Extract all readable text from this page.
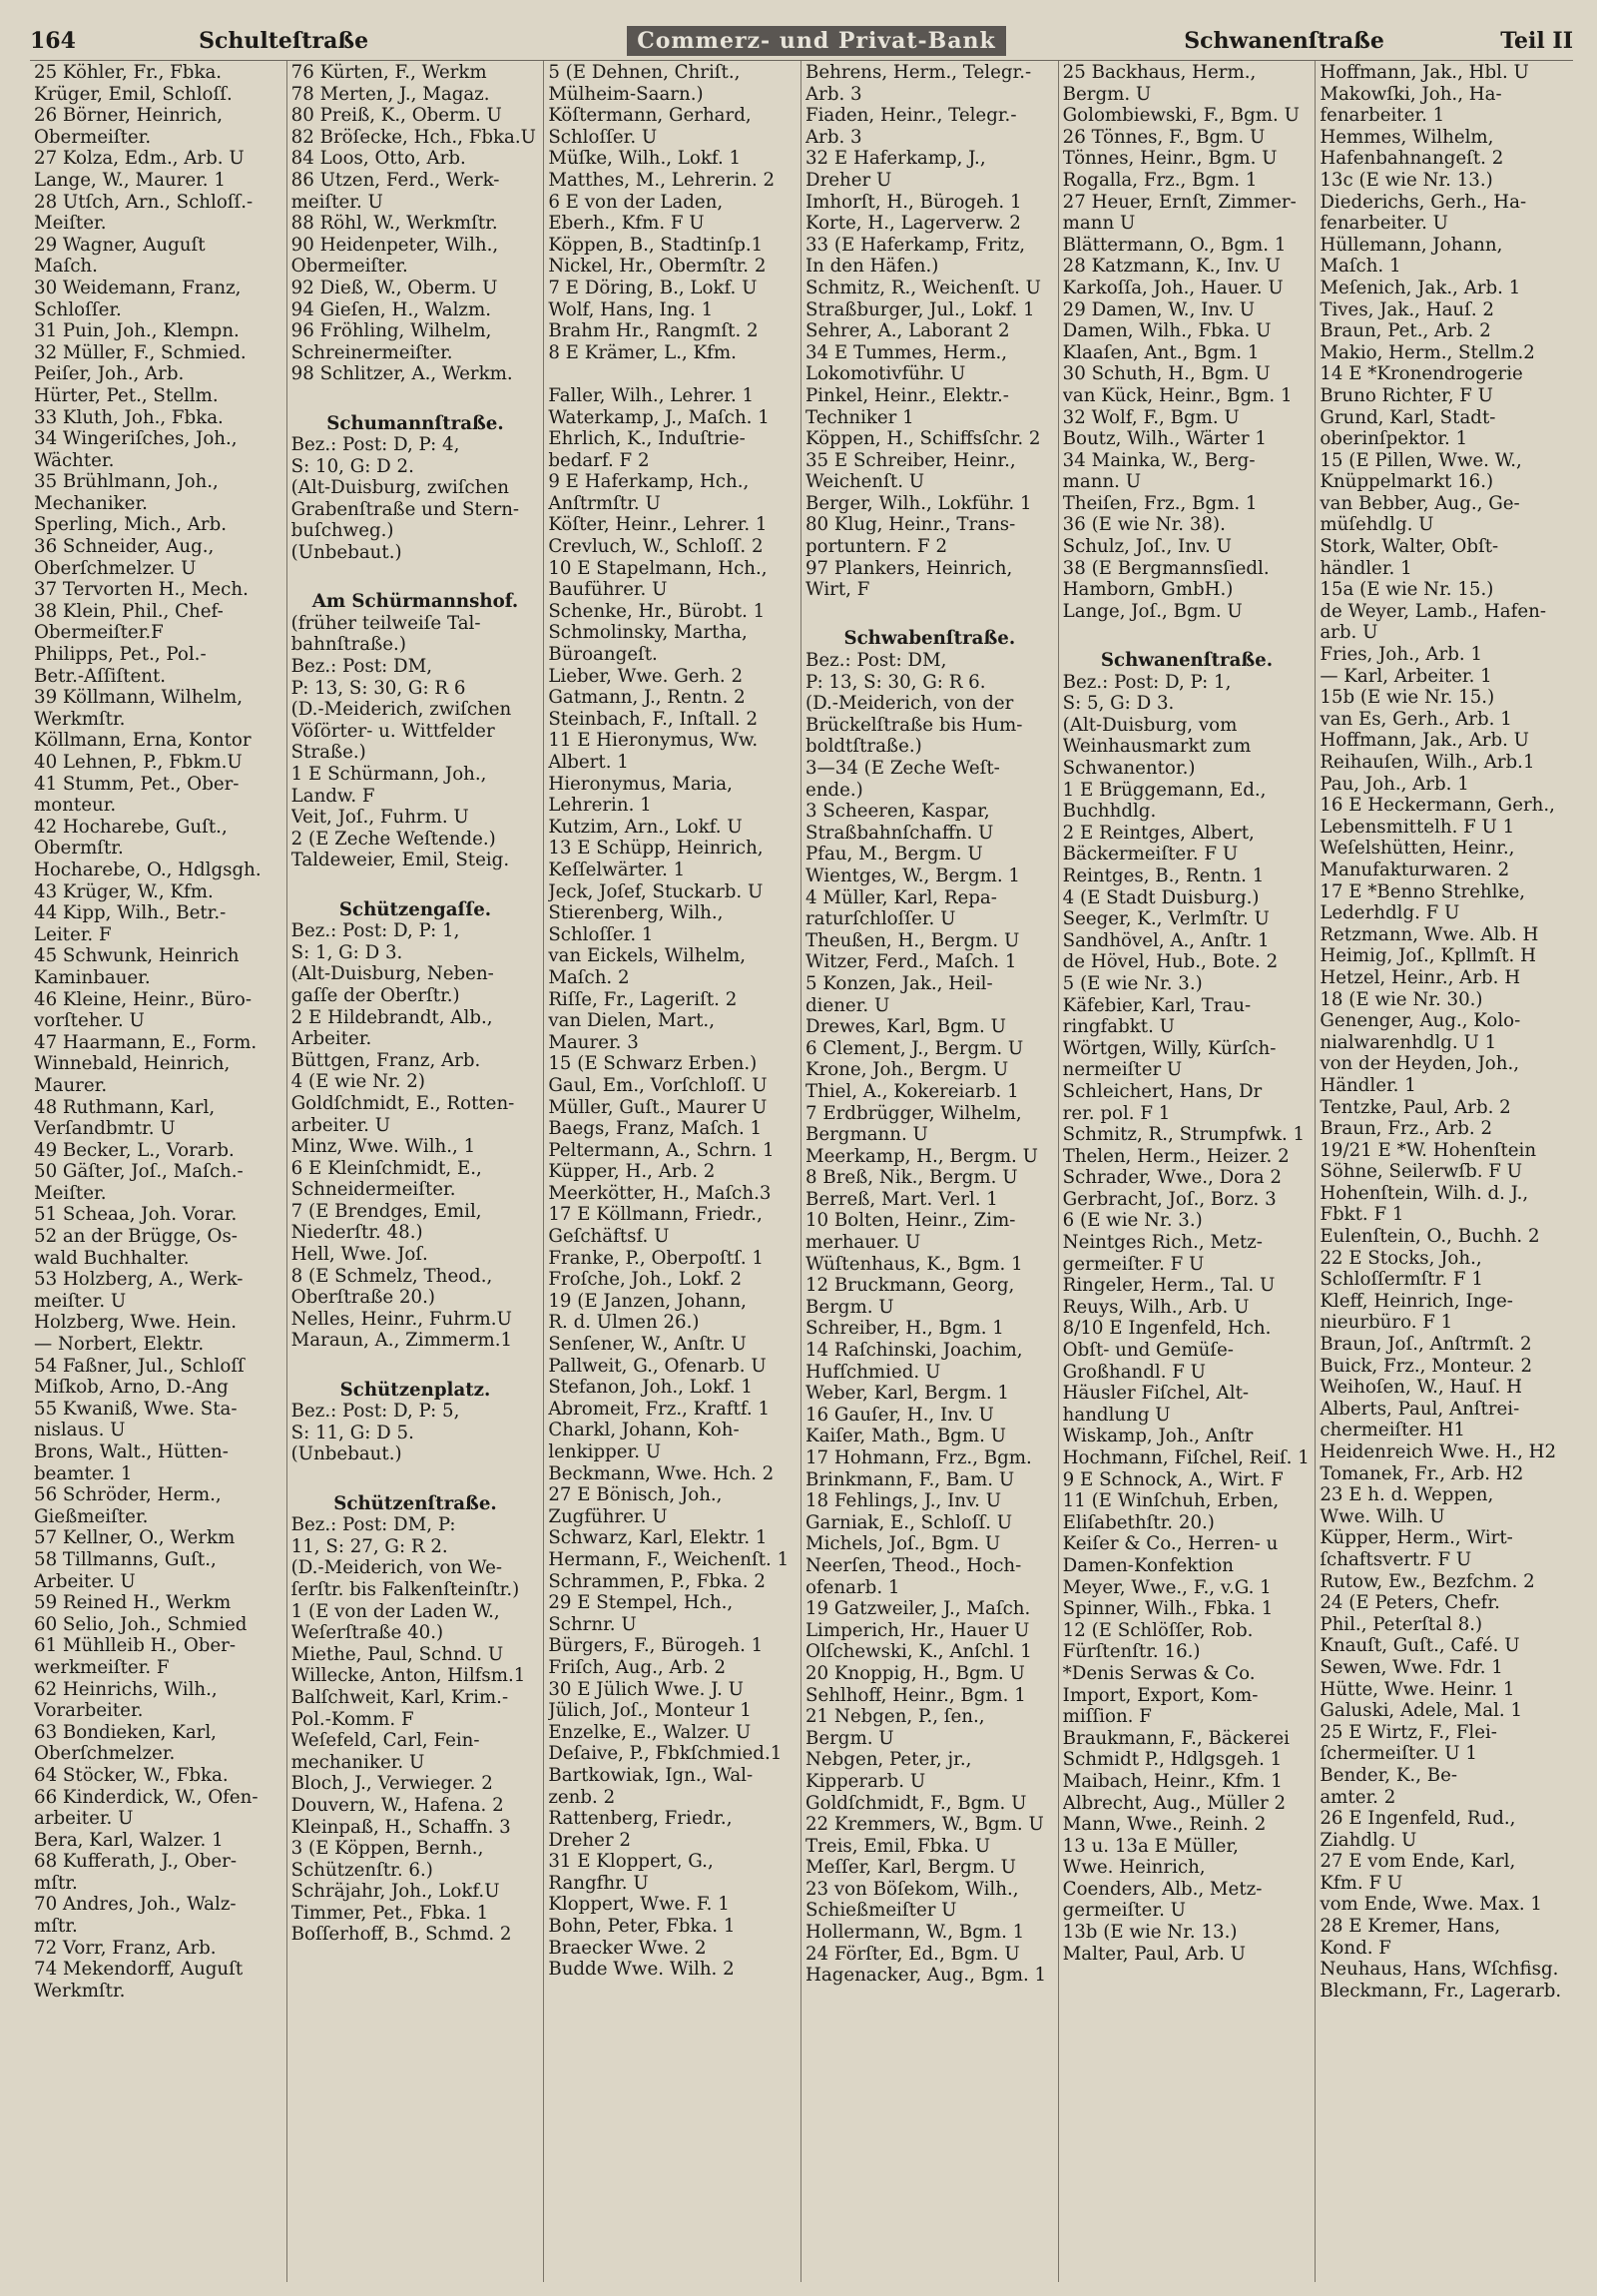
164	Schulteſtraße	Commerz- und Privat-Bank	Schwanenſtraße	Teil II
25 Köhler, Fr., Fbka.
Krüger, Emil, Schloſſ.
26 Börner, Heinrich,
Obermeiſter.
27 Kolza, Edm., Arb. U
Lange, W., Maurer. 1
28 Utſch, Arn., Schloſſ.-
Meiſter.
29 Wagner, Auguſt
Maſch.
30 Weidemann, Franz,
Schloſſer.
31 Puin, Joh., Klempn.
32 Müller, F., Schmied.
Peiſer, Joh., Arb.
Hürter, Pet., Stellm.
33 Kluth, Joh., Fbka.
34 Wingeriſches, Joh.,
Wächter.
35 Brühlmann, Joh.,
Mechaniker.
Sperling, Mich., Arb.
36 Schneider, Aug.,
Oberſchmelzer. U
37 Tervorten H., Mech.
38 Klein, Phil., Chef-
Obermeiſter.F
Philipps, Pet., Pol.-
Betr.-Aſſiſtent.
39 Köllmann, Wilhelm,
Werkmſtr.
Köllmann, Erna, Kontor
40 Lehnen, P., Fbkm.U
41 Stumm, Pet., Ober-
monteur.
42 Hocharebe, Guſt.,
Obermſtr.
Hocharebe, O., Hdlgsgh.
43 Krüger, W., Kfm.
44 Kipp, Wilh., Betr.-
Leiter. F
45 Schwunk, Heinrich
Kaminbauer.
46 Kleine, Heinr., Büro-
vorſteher. U
47 Haarmann, E., Form.
Winnebald, Heinrich,
Maurer.
48 Ruthmann, Karl,
Verſandbmtr. U
49 Becker, L., Vorarb.
50 Gäſter, Joſ., Maſch.-
Meiſter.
51 Scheaa, Joh. Vorar.
52 an der Brügge, Os-
wald Buchhalter.
53 Holzberg, A., Werk-
meiſter. U
Holzberg, Wwe. Hein.
— Norbert, Elektr.
54 Faßner, Jul., Schloſſ
Miſkob, Arno, D.-Ang
55 Kwaniß, Wwe. Sta-
nislaus. U
Brons, Walt., Hütten-
beamter. 1
56 Schröder, Herm.,
Gießmeiſter.
57 Kellner, O., Werkm
58 Tillmanns, Guſt.,
Arbeiter. U
59 Reined H., Werkm
60 Selio, Joh., Schmied
61 Mühlleib H., Ober-
werkmeiſter. F
62 Heinrichs, Wilh.,
Vorarbeiter.
63 Bondieken, Karl,
Oberſchmelzer.
64 Stöcker, W., Fbka.
66 Kinderdick, W., Ofen-
arbeiter. U
Bera, Karl, Walzer. 1
68 Kufferath, J., Ober-
mſtr.
70 Andres, Joh., Walz-
mſtr.
72 Vorr, Franz, Arb.
74 Mekendorff, Auguſt
Werkmſtr.
76 Kürten, F., Werkm
78 Merten, J., Magaz.
80 Preiß, K., Oberm. U
82 Bröſecke, Hch., Fbka.U
84 Loos, Otto, Arb.
86 Utzen, Ferd., Werk-
meiſter. U
88 Röhl, W., Werkmſtr.
90 Heidenpeter, Wilh.,
Obermeiſter.
92 Dieß, W., Oberm. U
94 Gieſen, H., Walzm.
96 Fröhling, Wilhelm,
Schreinermeiſter.
98 Schlitzer, A., Werkm.

Schumannſtraße.
Bez.: Post: D, P: 4,
S: 10, G: D 2.
(Alt-Duisburg, zwiſchen
Grabenſtraße und Stern-
buſchweg.)
(Unbebaut.)

Am Schürmannshof.
(früher teilweiſe Tal-
bahnſtraße.)
Bez.: Post: DM,
P: 13, S: 30, G: R 6
(D.-Meiderich, zwiſchen
Vöſörter- u. Wittfelder
Straße.)
1 E Schürmann, Joh.,
Landw. F
Veit, Joſ., Fuhrm. U
2 (E Zeche Weſtende.)
Taldeweier, Emil, Steig.

Schützengaſſe.
Bez.: Post: D, P: 1,
S: 1, G: D 3.
(Alt-Duisburg, Neben-
gaſſe der Oberſtr.)
2 E Hildebrandt, Alb.,
Arbeiter.
Büttgen, Franz, Arb.
4 (E wie Nr. 2)
Goldſchmidt, E., Rotten-
arbeiter. U
Minz, Wwe. Wilh., 1
6 E Kleinſchmidt, E.,
Schneidermeiſter.
7 (E Brendges, Emil,
Niederſtr. 48.)
Hell, Wwe. Joſ.
8 (E Schmelz, Theod.,
Oberſtraße 20.)
Nelles, Heinr., Fuhrm.U
Maraun, A., Zimmerm.1

Schützenplatz.
Bez.: Post: D, P: 5,
S: 11, G: D 5.
(Unbebaut.)

Schützenſtraße.
Bez.: Post: DM, P:
11, S: 27, G: R 2.
(D.-Meiderich, von We-
ſerſtr. bis Falkenſteinſtr.)
1 (E von der Laden W.,
Weſerſtraße 40.)
Miethe, Paul, Schnd. U
Willecke, Anton, Hilfsm.1
Balſchweit, Karl, Krim.-
Pol.-Komm. F
Weſefeld, Carl, Fein-
mechaniker. U
Bloch, J., Verwieger. 2
Douvern, W., Hafena. 2
Kleinpaß, H., Schaffn. 3
3 (E Köppen, Bernh.,
Schützenſtr. 6.)
Schräjahr, Joh., Lokf.U
Timmer, Pet., Fbka. 1
Boſſerhoff, B., Schmd. 2
5 (E Dehnen, Chriſt.,
Mülheim-Saarn.)
Köſtermann, Gerhard,
Schloſſer. U
Müſke, Wilh., Lokf. 1
Matthes, M., Lehrerin. 2
6 E von der Laden,
Eberh., Kfm. F U
Köppen, B., Stadtinſp.1
Nickel, Hr., Obermſtr. 2
7 E Döring, B., Lokf. U
Wolf, Hans, Ing. 1
Brahm Hr., Rangmſt. 2
8 E Krämer, L., Kfm.

Faller, Wilh., Lehrer. 1
Waterkamp, J., Maſch. 1
Ehrlich, K., Induſtrie-
bedarf. F 2
9 E Haferkamp, Hch.,
Anſtrmſtr. U
Köſter, Heinr., Lehrer. 1
Crevluch, W., Schloſſ. 2
10 E Stapelmann, Hch.,
Bauführer. U
Schenke, Hr., Bürobt. 1
Schmolinsky, Martha,
Büroangeſt.
Lieber, Wwe. Gerh. 2
Gatmann, J., Rentn. 2
Steinbach, F., Inſtall. 2
11 E Hieronymus, Ww.
Albert. 1
Hieronymus, Maria,
Lehrerin. 1
Kutzim, Arn., Lokf. U
13 E Schüpp, Heinrich,
Keſſelwärter. 1
Jeck, Joſef, Stuckarb. U
Stierenberg, Wilh.,
Schloſſer. 1
van Eickels, Wilhelm,
Maſch. 2
Riſſe, Fr., Lageriſt. 2
van Dielen, Mart.,
Maurer. 3
15 (E Schwarz Erben.)
Gaul, Em., Vorſchloſſ. U
Müller, Guſt., Maurer U
Baegs, Franz, Maſch. 1
Peltermann, A., Schrn. 1
Küpper, H., Arb. 2
Meerkötter, H., Maſch.3
17 E Köllmann, Friedr.,
Geſchäftsf. U
Franke, P., Oberpoſtſ. 1
Froſche, Joh., Lokf. 2
19 (E Janzen, Johann,
R. d. Ulmen 26.)
Senſener, W., Anſtr. U
Pallweit, G., Ofenarb. U
Stefanon, Joh., Lokf. 1
Abromeit, Frz., Kraftf. 1
Charkl, Johann, Koh-
lenkipper. U
Beckmann, Wwe. Hch. 2
27 E Bönisch, Joh.,
Zugführer. U
Schwarz, Karl, Elektr. 1
Hermann, F., Weichenſt. 1
Schrammen, P., Fbka. 2
29 E Stempel, Hch.,
Schrnr. U
Bürgers, F., Bürogeh. 1
Friſch, Aug., Arb. 2
30 E Jülich Wwe. J. U
Jülich, Joſ., Monteur 1
Enzelke, E., Walzer. U
Deſaive, P., Fbkſchmied.1
Bartkowiak, Ign., Wal-
zenb. 2
Rattenberg, Friedr.,
Dreher 2
31 E Kloppert, G.,
Rangfhr. U
Kloppert, Wwe. F. 1
Bohn, Peter, Fbka. 1
Braecker Wwe. 2
Budde Wwe. Wilh. 2
Behrens, Herm., Telegr.-
Arb. 3
Fiaden, Heinr., Telegr.-
Arb. 3
32 E Haferkamp, J.,
Dreher U
Imhorſt, H., Bürogeh. 1
Korte, H., Lagerverw. 2
33 (E Haferkamp, Fritz,
In den Häfen.)
Schmitz, R., Weichenſt. U
Straßburger, Jul., Lokf. 1
Sehrer, A., Laborant 2
34 E Tummes, Herm.,
Lokomotivführ. U
Pinkel, Heinr., Elektr.-
Techniker 1
Köppen, H., Schiffsſchr. 2
35 E Schreiber, Heinr.,
Weichenſt. U
Berger, Wilh., Lokführ. 1
80 Klug, Heinr., Trans-
portuntern. F 2
97 Plankers, Heinrich,
Wirt, F

Schwabenſtraße.
Bez.: Post: DM,
P: 13, S: 30, G: R 6.
(D.-Meiderich, von der
Brückelſtraße bis Hum-
boldtſtraße.)
3—34 (E Zeche Weſt-
ende.)
3 Scheeren, Kaspar,
Straßbahnſchaffn. U
Pfau, M., Bergm. U
Wientges, W., Bergm. 1
4 Müller, Karl, Repa-
raturſchloſſer. U
Theußen, H., Bergm. U
Witzer, Ferd., Maſch. 1
5 Konzen, Jak., Heil-
diener. U
Drewes, Karl, Bgm. U
6 Clement, J., Bergm. U
Krone, Joh., Bergm. U
Thiel, A., Kokereiarb. 1
7 Erdbrügger, Wilhelm,
Bergmann. U
Meerkamp, H., Bergm. U
8 Breß, Nik., Bergm. U
Berreß, Mart. Verl. 1
10 Bolten, Heinr., Zim-
merhauer. U
Wüſtenhaus, K., Bgm. 1
12 Bruckmann, Georg,
Bergm. U
Schreiber, H., Bgm. 1
14 Raſchinski, Joachim,
Hufſchmied. U
Weber, Karl, Bergm. 1
16 Gauſer, H., Inv. U
Kaiſer, Math., Bgm. U
17 Hohmann, Frz., Bgm.
Brinkmann, F., Bam. U
18 Fehlings, J., Inv. U
Garniak, E., Schloſſ. U
Michels, Joſ., Bgm. U
Neerſen, Theod., Hoch-
ofenarb. 1
19 Gatzweiler, J., Maſch.
Limperich, Hr., Hauer U
Olſchewski, K., Anſchl. 1
20 Knoppig, H., Bgm. U
Sehlhoff, Heinr., Bgm. 1
21 Nebgen, P., ſen.,
Bergm. U
Nebgen, Peter, jr.,
Kipperarb. U
Goldſchmidt, F., Bgm. U
22 Kremmers, W., Bgm. U
Treis, Emil, Fbka. U
Meſſer, Karl, Bergm. U
23 von Böſekom, Wilh.,
Schießmeiſter U
Hollermann, W., Bgm. 1
24 Förſter, Ed., Bgm. U
Hagenacker, Aug., Bgm. 1
25 Backhaus, Herm.,
Bergm. U
Golombiewski, F., Bgm. U
26 Tönnes, F., Bgm. U
Tönnes, Heinr., Bgm. U
Rogalla, Frz., Bgm. 1
27 Heuer, Ernſt, Zimmer-
mann U
Blättermann, O., Bgm. 1
28 Katzmann, K., Inv. U
Karkoſſa, Joh., Hauer. U
29 Damen, W., Inv. U
Damen, Wilh., Fbka. U
Klaaſen, Ant., Bgm. 1
30 Schuth, H., Bgm. U
van Kück, Heinr., Bgm. 1
32 Wolf, F., Bgm. U
Boutz, Wilh., Wärter 1
34 Mainka, W., Berg-
mann. U
Theiſen, Frz., Bgm. 1
36 (E wie Nr. 38).
Schulz, Joſ., Inv. U
38 (E Bergmannsſiedl.
Hamborn, GmbH.)
Lange, Joſ., Bgm. U

Schwanenſtraße.
Bez.: Post: D, P: 1,
S: 5, G: D 3.
(Alt-Duisburg, vom
Weinhausmarkt zum
Schwanentor.)
1 E Brüggemann, Ed.,
Buchhdlg.
2 E Reintges, Albert,
Bäckermeiſter. F U
Reintges, B., Rentn. 1
4 (E Stadt Duisburg.)
Seeger, K., Verlmſtr. U
Sandhövel, A., Anſtr. 1
de Hövel, Hub., Bote. 2
5 (E wie Nr. 3.)
Käfebier, Karl, Trau-
ringfabkt. U
Wörtgen, Willy, Kürſch-
nermeiſter U
Schleichert, Hans, Dr
rer. pol. F 1
Schmitz, R., Strumpfwk. 1
Thelen, Herm., Heizer. 2
Schrader, Wwe., Dora 2
Gerbracht, Joſ., Borz. 3
6 (E wie Nr. 3.)
Neintges Rich., Metz-
germeiſter. F U
Ringeler, Herm., Tal. U
Reuys, Wilh., Arb. U
8/10 E Ingenfeld, Hch.
Obſt- und Gemüſe-
Großhandl. F U
Häusler Fiſchel, Alt-
handlung U
Wiskamp, Joh., Anſtr
Hochmann, Fiſchel, Reiſ. 1
9 E Schnock, A., Wirt. F
11 (E Winſchuh, Erben,
Eliſabethſtr. 20.)
Keiſer & Co., Herren- u
Damen-Konfektion
Meyer, Wwe., F., v.G. 1
Spinner, Wilh., Fbka. 1
12 (E Schlöſſer, Rob.
Fürſtenſtr. 16.)
*Denis Serwas & Co.
Import, Export, Kom-
miſſion. F
Braukmann, F., Bäckerei
Schmidt P., Hdlgsgeh. 1
Maibach, Heinr., Kfm. 1
Albrecht, Aug., Müller 2
Mann, Wwe., Reinh. 2
13 u. 13a E Müller,
Wwe. Heinrich,
Coenders, Alb., Metz-
germeiſter. U
13b (E wie Nr. 13.)
Malter, Paul, Arb. U
Hoffmann, Jak., Hbl. U
Makowſki, Joh., Ha-
fenarbeiter. 1
Hemmes, Wilhelm,
Hafenbahnangeſt. 2
13c (E wie Nr. 13.)
Diederichs, Gerh., Ha-
fenarbeiter. U
Hüllemann, Johann,
Maſch. 1
Meſenich, Jak., Arb. 1
Tives, Jak., Hauſ. 2
Braun, Pet., Arb. 2
Makio, Herm., Stellm.2
14 E *Kronendrogerie
Bruno Richter, F U
Grund, Karl, Stadt-
oberinſpektor. 1
15 (E Pillen, Wwe. W.,
Knüppelmarkt 16.)
van Bebber, Aug., Ge-
müſehdlg. U
Stork, Walter, Obſt-
händler. 1
15a (E wie Nr. 15.)
de Weyer, Lamb., Hafen-
arb. U
Fries, Joh., Arb. 1
— Karl, Arbeiter. 1
15b (E wie Nr. 15.)
van Es, Gerh., Arb. 1
Hoffmann, Jak., Arb. U
Reihauſen, Wilh., Arb.1
Pau, Joh., Arb. 1
16 E Heckermann, Gerh.,
Lebensmittelh. F U 1
Weſelshütten, Heinr.,
Manufakturwaren. 2
17 E *Benno Strehlke,
Lederhdlg. F U
Retzmann, Wwe. Alb. H
Heimig, Joſ., Kpllmſt. H
Hetzel, Heinr., Arb. H
18 (E wie Nr. 30.)
Genenger, Aug., Kolo-
nialwarenhdlg. U 1
von der Heyden, Joh.,
Händler. 1
Tentzke, Paul, Arb. 2
Braun, Frz., Arb. 2
19/21 E *W. Hohenſtein
Söhne, Seilerwſb. F U
Hohenſtein, Wilh. d. J.,
Fbkt. F 1
Eulenſtein, O., Buchh. 2
22 E Stocks, Joh.,
Schloſſermſtr. F 1
Kleff, Heinrich, Inge-
nieurbüro. F 1
Braun, Joſ., Anſtrmſt. 2
Buick, Frz., Monteur. 2
Weihoſen, W., Hauſ. H
Alberts, Paul, Anſtrei-
chermeiſter. H1
Heidenreich Wwe. H., H2
Tomanek, Fr., Arb. H2
23 E h. d. Weppen,
Wwe. Wilh. U
Küpper, Herm., Wirt-
ſchaftsvertr. F U
Rutow, Ew., Bezfchm. 2
24 (E Peters, Chefr.
Phil., Peterſtal 8.)
Knauſt, Guſt., Café. U
Sewen, Wwe. Fdr. 1
Hütte, Wwe. Heinr. 1
Galuski, Adele, Mal. 1
25 E Wirtz, F., Flei-
ſchermeiſter. U 1
Bender, K., Be-
amter. 2
26 E Ingenfeld, Rud.,
Ziahdlg. U
27 E vom Ende, Karl,
Kfm. F U
vom Ende, Wwe. Max. 1
28 E Kremer, Hans,
Kond. F
Neuhaus, Hans, Wſchfisg.
Bleckmann, Fr., Lagerarb.
